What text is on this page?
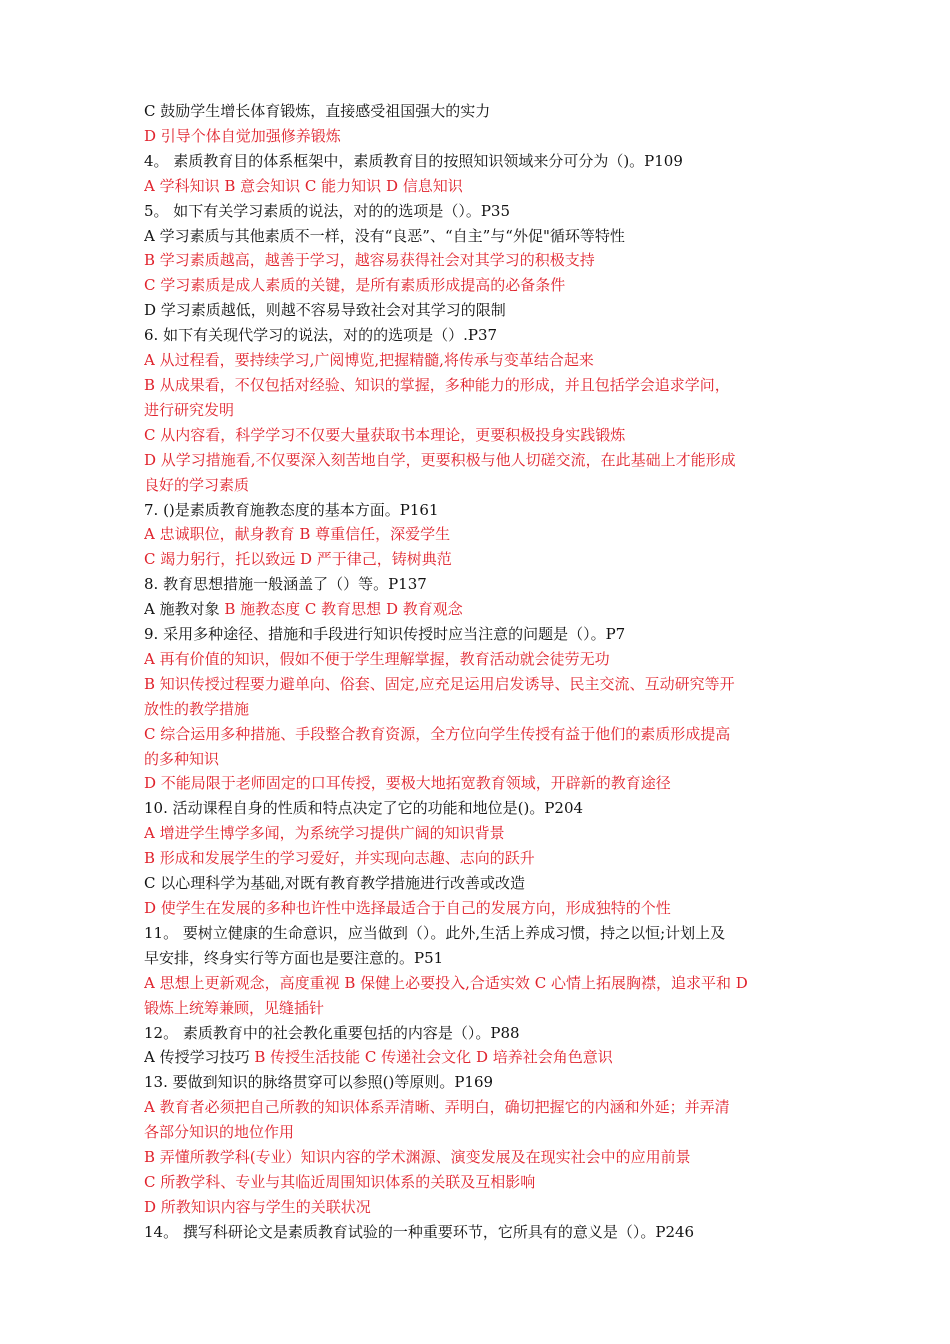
C 鼓励学生增长体育锻炼，直接感受祖国强大的实力
D 引导个体自觉加强修养锻炼
4。 素质教育目的体系框架中，素质教育目的按照知识领域来分可分为（)。P109
A 学科知识 B 意会知识 C 能力知识 D 信息知识
5。 如下有关学习素质的说法，对的的选项是（）。P35
A 学习素质与其他素质不一样，没有“良恶”、“自主”与“外促"循环等特性
B 学习素质越高，越善于学习，越容易获得社会对其学习的积极支持
C 学习素质是成人素质的关键，是所有素质形成提高的必备条件
D 学习素质越低，则越不容易导致社会对其学习的限制
6. 如下有关现代学习的说法，对的的选项是（）.P37
A 从过程看，要持续学习,广阅博览,把握精髓,将传承与变革结合起来
B 从成果看，不仅包括对经验、知识的掌握，多种能力的形成，并且包括学会追求学问，
进行研究发明
C 从内容看，科学学习不仅要大量获取书本理论，更要积极投身实践锻炼
D 从学习措施看,不仅要深入刻苦地自学，更要积极与他人切磋交流，在此基础上才能形成
良好的学习素质
7. ()是素质教育施教态度的基本方面。P161
A 忠诚职位，献身教育 B 尊重信任，深爱学生
C 竭力躬行，托以致远 D 严于律己，铸树典范
8. 教育思想措施一般涵盖了（）等。P137
A 施教对象 B 施教态度 C 教育思想 D 教育观念
9. 采用多种途径、措施和手段进行知识传授时应当注意的问题是（）。P7
A 再有价值的知识，假如不便于学生理解掌握，教育活动就会徒劳无功
B 知识传授过程要力避单向、俗套、固定,应充足运用启发诱导、民主交流、互动研究等开
放性的教学措施
C 综合运用多种措施、手段整合教育资源，全方位向学生传授有益于他们的素质形成提高
的多种知识
D 不能局限于老师固定的口耳传授，要极大地拓宽教育领域，开辟新的教育途径
10. 活动课程自身的性质和特点决定了它的功能和地位是()。P204
A 增进学生博学多闻，为系统学习提供广阔的知识背景
B 形成和发展学生的学习爱好，并实现向志趣、志向的跃升
C 以心理科学为基础,对既有教育教学措施进行改善或改造
D 使学生在发展的多种也许性中选择最适合于自己的发展方向，形成独特的个性
11。 要树立健康的生命意识，应当做到（）。此外,生活上养成习惯，持之以恒;计划上及
早安排，终身实行等方面也是要注意的。P51
A 思想上更新观念，高度重视 B 保健上必要投入,合适实效 C 心情上拓展胸襟，追求平和 D
锻炼上统筹兼顾，见缝插针
12。 素质教育中的社会教化重要包括的内容是（）。P88
A 传授学习技巧 B 传授生活技能 C 传递社会文化 D 培养社会角色意识
13. 要做到知识的脉络贯穿可以参照()等原则。P169
A 教育者必须把自己所教的知识体系弄清晰、弄明白，确切把握它的内涵和外延；并弄清
各部分知识的地位作用
B 弄懂所教学科(专业）知识内容的学术渊源、演变发展及在现实社会中的应用前景
C 所教学科、专业与其临近周围知识体系的关联及互相影响
D 所教知识内容与学生的关联状况
14。 撰写科研论文是素质教育试验的一种重要环节，它所具有的意义是（）。P246
